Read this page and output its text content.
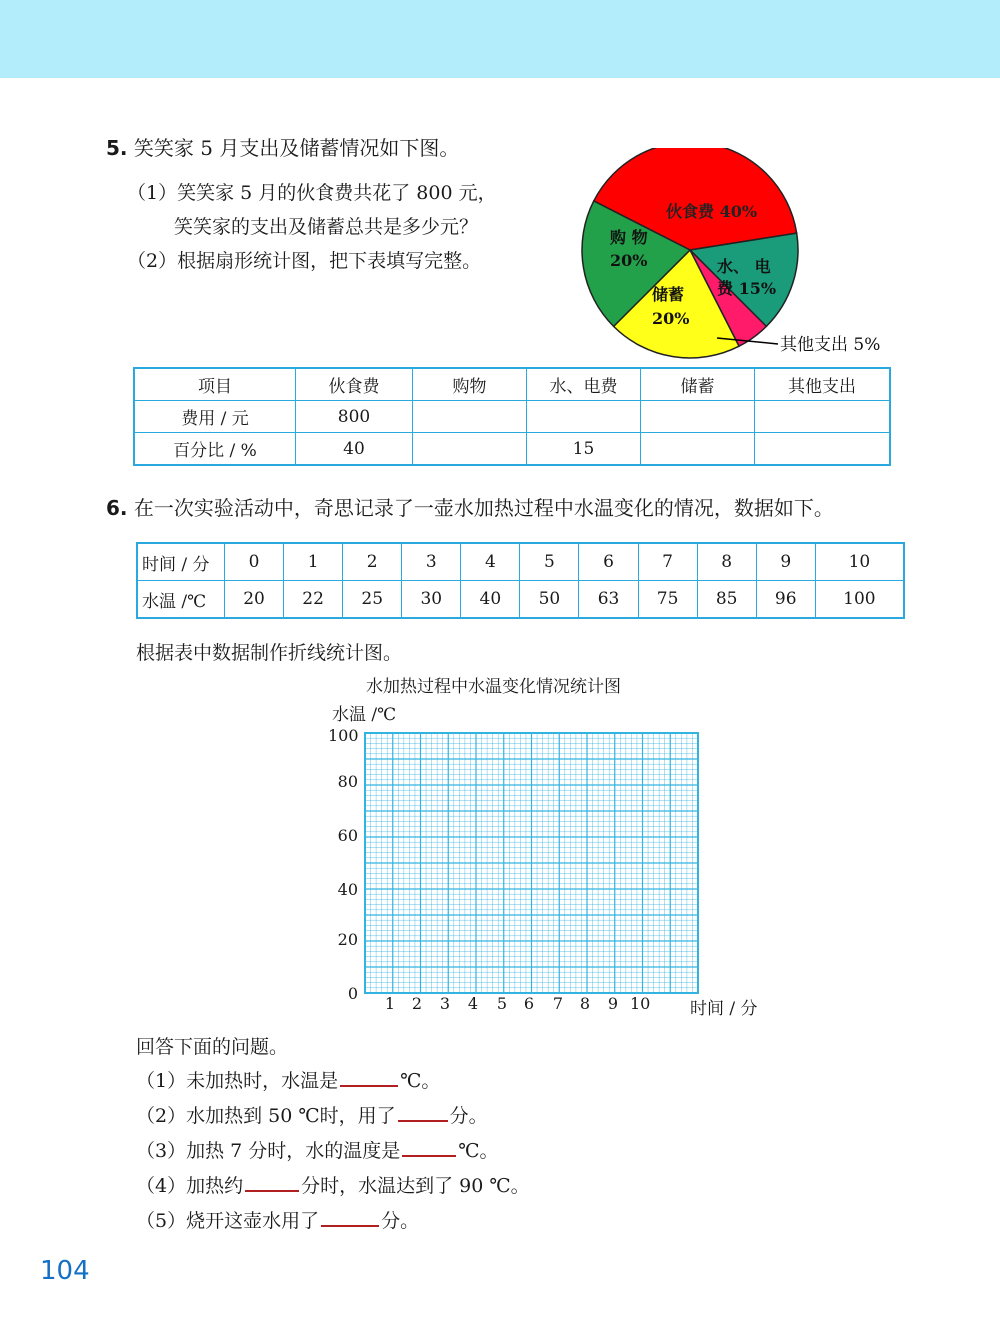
5. 笑笑家 5 月支出及储蓄情况如下图。
（1）笑笑家 5 月的伙食费共花了 800 元，
笑笑家的支出及储蓄总共是多少元？
（2）根据扇形统计图，把下表填写完整。
伙食费 40%
水、 电
费 15%
储蓄
20%
购 物
20%
其他支出 5%
项目	伙食费	购物	水、电费	储蓄	其他支出
费用 / 元	800				
百分比 / %	40		15		
6. 在一次实验活动中，奇思记录了一壶水加热过程中水温变化的情况，数据如下。
时间 / 分	0	1	2	3	4	5	6	7	8	9	10
水温 /℃	20	22	25	30	40	50	63	75	85	96	100
根据表中数据制作折线统计图。
水加热过程中水温变化情况统计图
水温 /℃
时间 / 分
100
80
60
40
20
0
1	2	3	4	5	6	7	8	9 10
回答下面的问题。
（1）未加热时，水温是	℃。
（2）水加热到 50 ℃时，用了	分。
（3）加热 7 分时，水的温度是	℃。
（4）加热约	分时，水温达到了 90 ℃。
（5）烧开这壶水用了	分。
104
